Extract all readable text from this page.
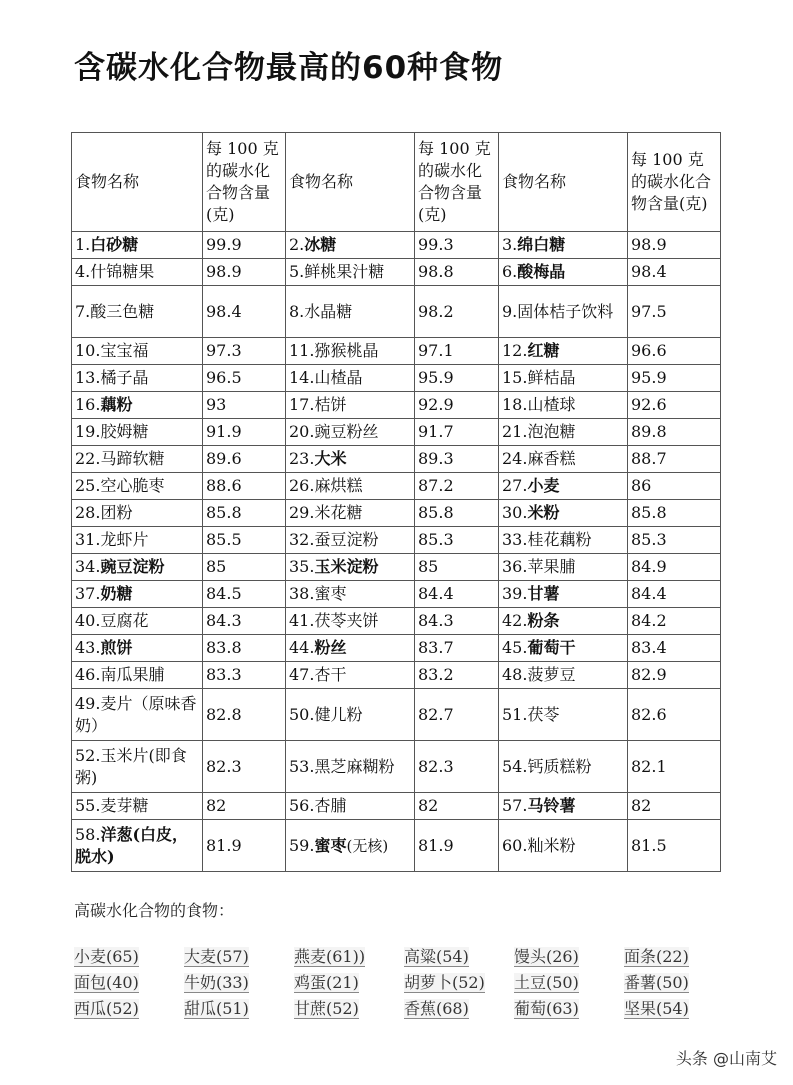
含碳水化合物最高的60种食物
食物名称	每 100 克的碳水化合物含量(克)	食物名称	每 100 克的碳水化合物含量(克)	食物名称	每 100 克的碳水化合物含量(克)
1.白砂糖	99.9	2.冰糖	99.3	3.绵白糖	98.9
4.什锦糖果	98.9	5.鲜桃果汁糖	98.8	6.酸梅晶	98.4
7.酸三色糖	98.4	8.水晶糖	98.2	9.固体桔子饮料	97.5
10.宝宝福	97.3	11.猕猴桃晶	97.1	12.红糖	96.6
13.橘子晶	96.5	14.山楂晶	95.9	15.鲜桔晶	95.9
16.藕粉	93	17.桔饼	92.9	18.山楂球	92.6
19.胶姆糖	91.9	20.豌豆粉丝	91.7	21.泡泡糖	89.8
22.马蹄软糖	89.6	23.大米	89.3	24.麻香糕	88.7
25.空心脆枣	88.6	26.麻烘糕	87.2	27.小麦	86
28.团粉	85.8	29.米花糖	85.8	30.米粉	85.8
31.龙虾片	85.5	32.蚕豆淀粉	85.3	33.桂花藕粉	85.3
34.豌豆淀粉	85	35.玉米淀粉	85	36.苹果脯	84.9
37.奶糖	84.5	38.蜜枣	84.4	39.甘薯	84.4
40.豆腐花	84.3	41.茯苓夹饼	84.3	42.粉条	84.2
43.煎饼	83.8	44.粉丝	83.7	45.葡萄干	83.4
46.南瓜果脯	83.3	47.杏干	83.2	48.菠萝豆	82.9
49.麦片（原味香奶）	82.8	50.健儿粉	82.7	51.茯苓	82.6
52.玉米片(即食粥)	82.3	53.黑芝麻糊粉	82.3	54.钙质糕粉	82.1
55.麦芽糖	82	56.杏脯	82	57.马铃薯	82
58.洋葱(白皮，脱水)	81.9	59.蜜枣(无核)	81.9	60.籼米粉	81.5
高碳水化合物的食物：
小麦(65)	大麦(57)	燕麦(61))	高粱(54)	馒头(26)	面条(22)
面包(40)	牛奶(33)	鸡蛋(21)	胡萝卜(52)	土豆(50)	番薯(50)
西瓜(52)	甜瓜(51)	甘蔗(52)	香蕉(68)	葡萄(63)	坚果(54)
头条 @山南艾
